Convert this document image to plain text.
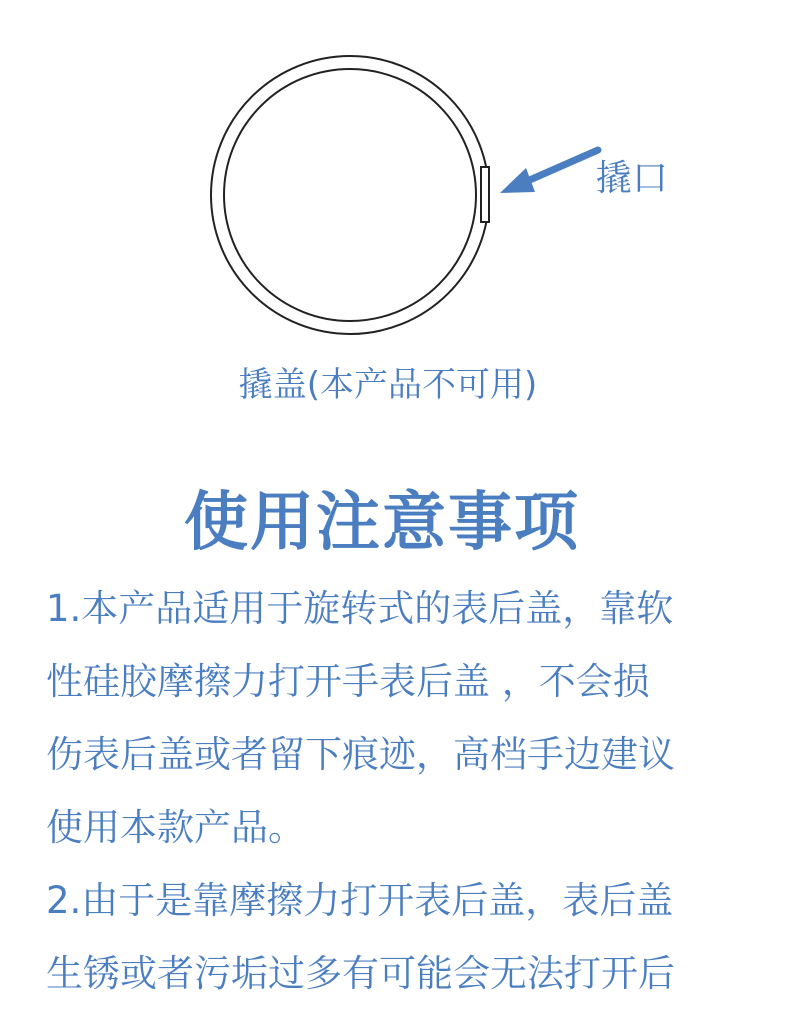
撬口
撬盖(本产品不可用)
使用注意事项
1.本产品适用于旋转式的表后盖，靠软
性硅胶摩擦力打开手表后盖 ，不会损
伤表后盖或者留下痕迹，高档手边建议
使用本款产品。
2.由于是靠摩擦力打开表后盖，表后盖
生锈或者污垢过多有可能会无法打开后
